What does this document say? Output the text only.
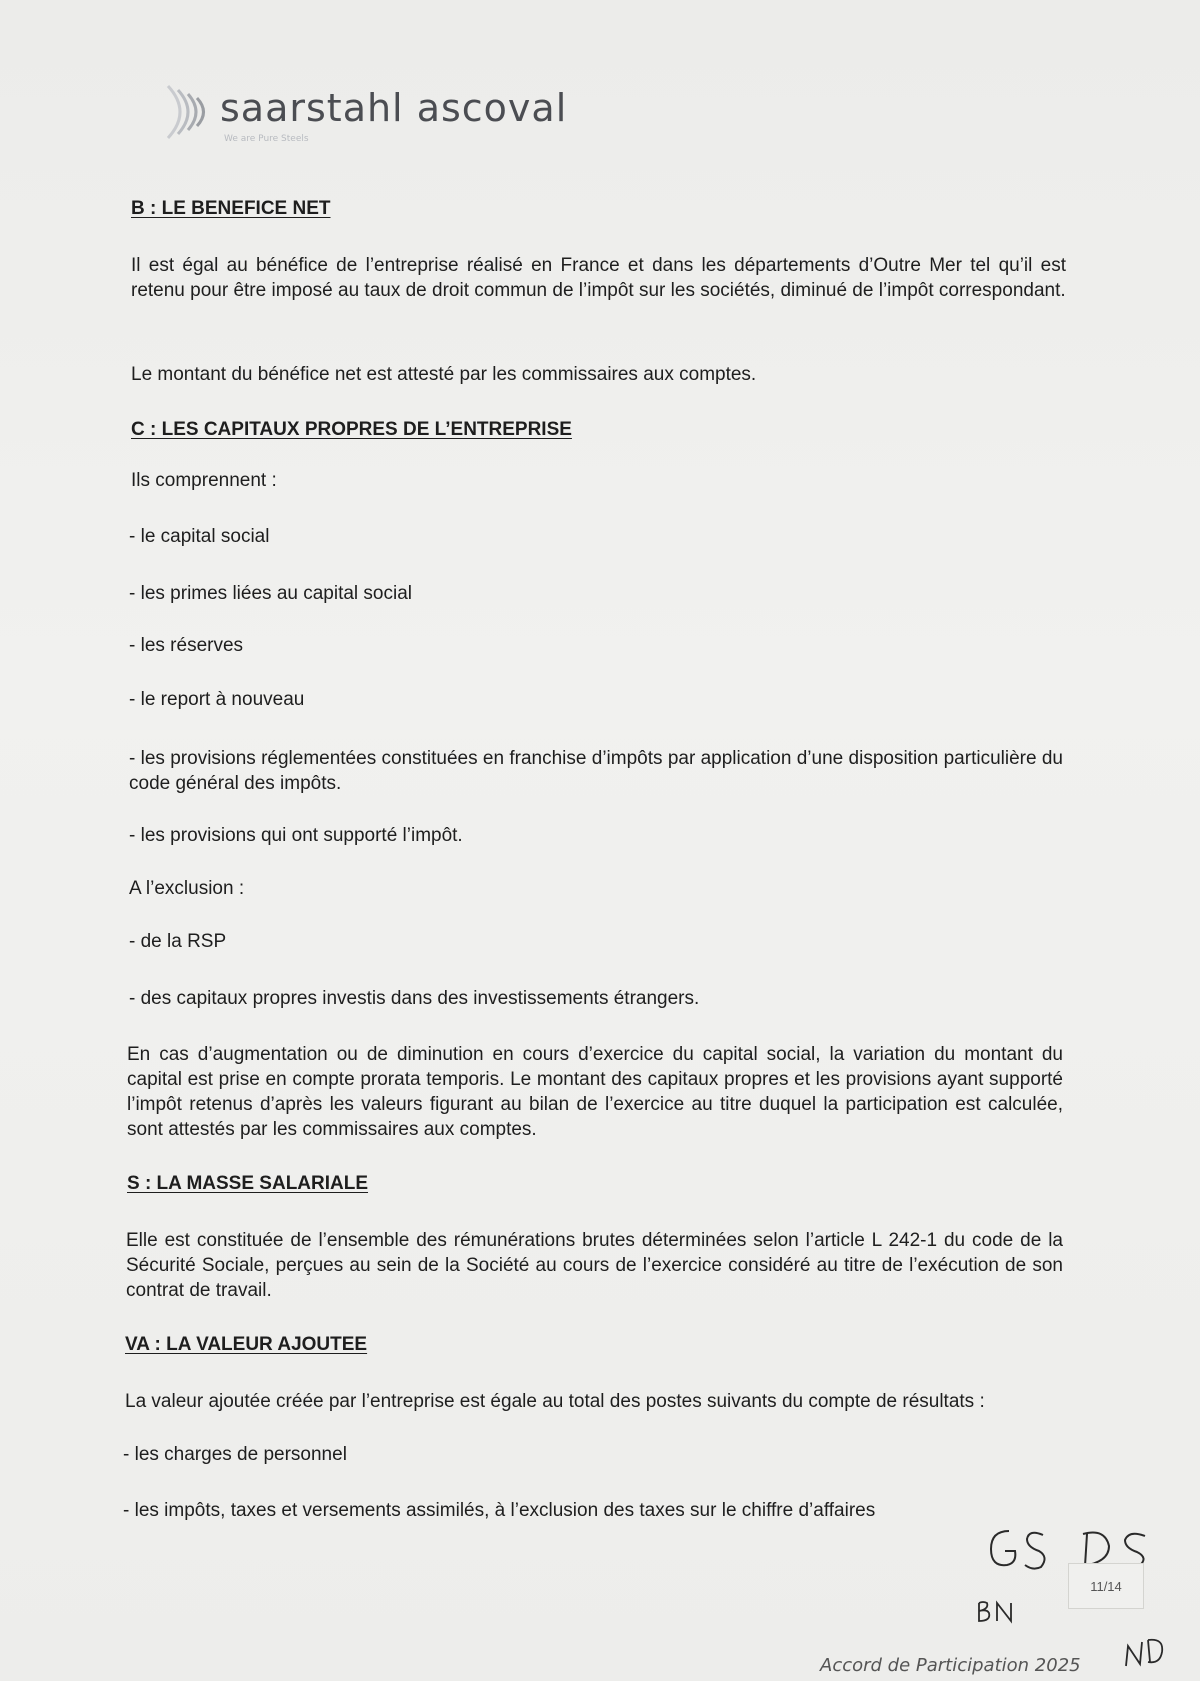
saarstahl ascoval
We are Pure Steels
B : LE BENEFICE NET
Il est égal au bénéfice de l’entreprise réalisé en France et dans les départements d’Outre Mer tel qu’il est retenu pour être imposé au taux de droit commun de l’impôt sur les sociétés, diminué de l’impôt correspondant.
Le montant du bénéfice net est attesté par les commissaires aux comptes.
C : LES CAPITAUX PROPRES DE L’ENTREPRISE
Ils comprennent :
- le capital social
- les primes liées au capital social
- les réserves
- le report à nouveau
- les provisions réglementées constituées en franchise d’impôts par application d’une disposition particulière du code général des impôts.
- les provisions qui ont supporté l’impôt.
A l’exclusion :
- de la RSP
- des capitaux propres investis dans des investissements étrangers.
En cas d’augmentation ou de diminution en cours d’exercice du capital social, la variation du montant du capital est prise en compte prorata temporis. Le montant des capitaux propres et les provisions ayant supporté l’impôt retenus d’après les valeurs figurant au bilan de l’exercice au titre duquel la participation est calculée, sont attestés par les commissaires aux comptes.
S : LA MASSE SALARIALE
Elle est constituée de l’ensemble des rémunérations brutes déterminées selon l’article L 242-1 du code de la Sécurité Sociale, perçues au sein de la Société au cours de l’exercice considéré au titre de l’exécution de son contrat de travail.
VA : LA VALEUR AJOUTEE
La valeur ajoutée créée par l’entreprise est égale au total des postes suivants du compte de résultats :
- les charges de personnel
- les impôts, taxes et versements assimilés, à l’exclusion des taxes sur le chiffre d’affaires
11/14
Accord de Participation 2025
